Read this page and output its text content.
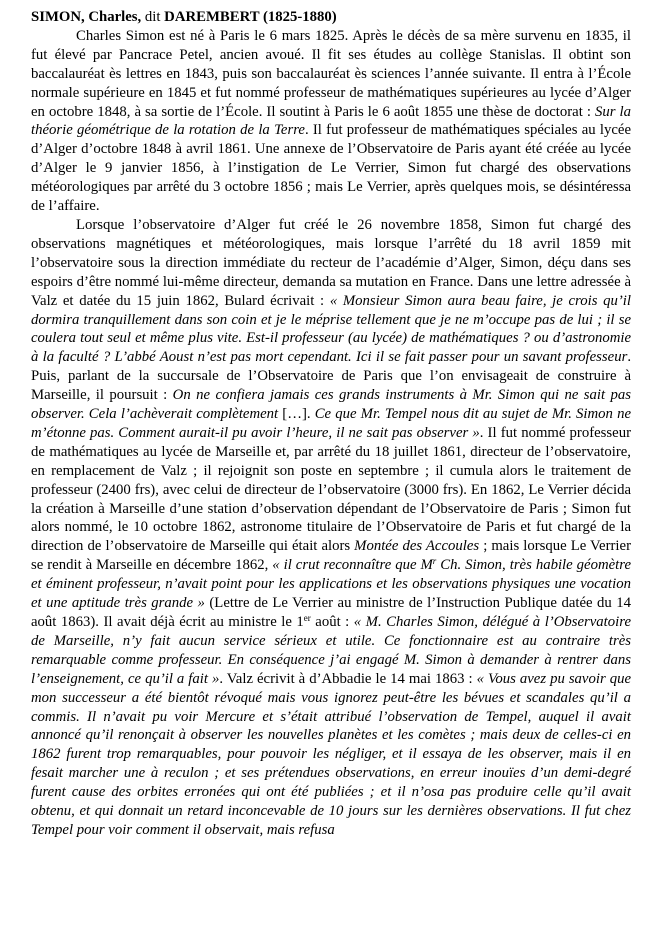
SIMON, Charles, dit DAREMBERT (1825-1880)

Charles Simon est né à Paris le 6 mars 1825. Après le décès de sa mère survenu en 1835, il fut élevé par Pancrace Petel, ancien avoué. Il fit ses études au collège Stanislas. Il obtint son baccalauréat ès lettres en 1843, puis son baccalauréat ès sciences l’année suivante. Il entra à l’École normale supérieure en 1845 et fut nommé professeur de mathématiques supérieures au lycée d’Alger en octobre 1848, à sa sortie de l’École. Il soutint à Paris le 6 août 1855 une thèse de doctorat : Sur la théorie géométrique de la rotation de la Terre. Il fut professeur de mathématiques spéciales au lycée d’Alger d’octobre 1848 à avril 1861. Une annexe de l’Observatoire de Paris ayant été créée au lycée d’Alger le 9 janvier 1856, à l’instigation de Le Verrier, Simon fut chargé des observations météorologiques par arrêté du 3 octobre 1856 ; mais Le Verrier, après quelques mois, se désintéressa de l’affaire.

Lorsque l’observatoire d’Alger fut créé le 26 novembre 1858, Simon fut chargé des observations magnétiques et météorologiques, mais lorsque l’arrêté du 18 avril 1859 mit l’observatoire sous la direction immédiate du recteur de l’académie d’Alger, Simon, déçu dans ses espoirs d’être nommé lui-même directeur, demanda sa mutation en France. Dans une lettre adressée à Valz et datée du 15 juin 1862, Bulard écrivait : « Monsieur Simon aura beau faire, je crois qu’il dormira tranquillement dans son coin et je le méprise tellement que je ne m’occupe pas de lui ; il se coulera tout seul et même plus vite. Est-il professeur (au lycée) de mathématiques ? ou d’astronomie à la faculté ? L’abbé Aoust n’est pas mort cependant. Ici il se fait passer pour un savant professeur. Puis, parlant de la succursale de l’Observatoire de Paris que l’on envisageait de construire à Marseille, il poursuit : On ne confiera jamais ces grands instruments à Mr. Simon qui ne sait pas observer. Cela l’achèverait complètement […]. Ce que Mr. Tempel nous dit au sujet de Mr. Simon ne m’étonne pas. Comment aurait-il pu avoir l’heure, il ne sait pas observer ». Il fut nommé professeur de mathématiques au lycée de Marseille et, par arrêté du 18 juillet 1861, directeur de l’observatoire, en remplacement de Valz ; il rejoignit son poste en septembre ; il cumula alors le traitement de professeur (2400 frs), avec celui de directeur de l’observatoire (3000 frs). En 1862, Le Verrier décida la création à Marseille d’une station d’observation dépendant de l’Observatoire de Paris ; Simon fut alors nommé, le 10 octobre 1862, astronome titulaire de l’Observatoire de Paris et fut chargé de la direction de l’observatoire de Marseille qui était alors Montée des Accoules ; mais lorsque Le Verrier se rendit à Marseille en décembre 1862, « il crut reconnaître que $M^r$ Ch. Simon, très habile géomètre et éminent professeur, n’avait point pour les applications et les observations physiques une vocation et une aptitude très grande » (Lettre de Le Verrier au ministre de l’Instruction Publique datée du 14 août 1863). Il avait déjà écrit au ministre le 1er août : « M. Charles Simon, délégué à l’Observatoire de Marseille, n’y fait aucun service sérieux et utile. Ce fonctionnaire est au contraire très remarquable comme professeur. En conséquence j’ai engagé M. Simon à demander à rentrer dans l’enseignement, ce qu’il a fait ». Valz écrivit à d’Abbadie le 14 mai 1863 : « Vous avez pu savoir que mon successeur a été bientôt révoqué mais vous ignorez peut-être les bévues et scandales qu’il a commis. Il n’avait pu voir Mercure et s’était attribué l’observation de Tempel, auquel il avait annoncé qu’il renonçait à observer les nouvelles planètes et les comètes ; mais deux de celles-ci en 1862 furent trop remarquables, pour pouvoir les négliger, et il essaya de les observer, mais il en fesait marcher une à reculon ; et ses prétendues observations, en erreur inouïes d’un demi-degré furent cause des orbites erronées qui ont été publiées ; et il n’osa pas produire celle qu’il avait obtenu, et qui donnait un retard inconcevable de 10 jours sur les dernières observations. Il fut chez Tempel pour voir comment il observait, mais refusa
